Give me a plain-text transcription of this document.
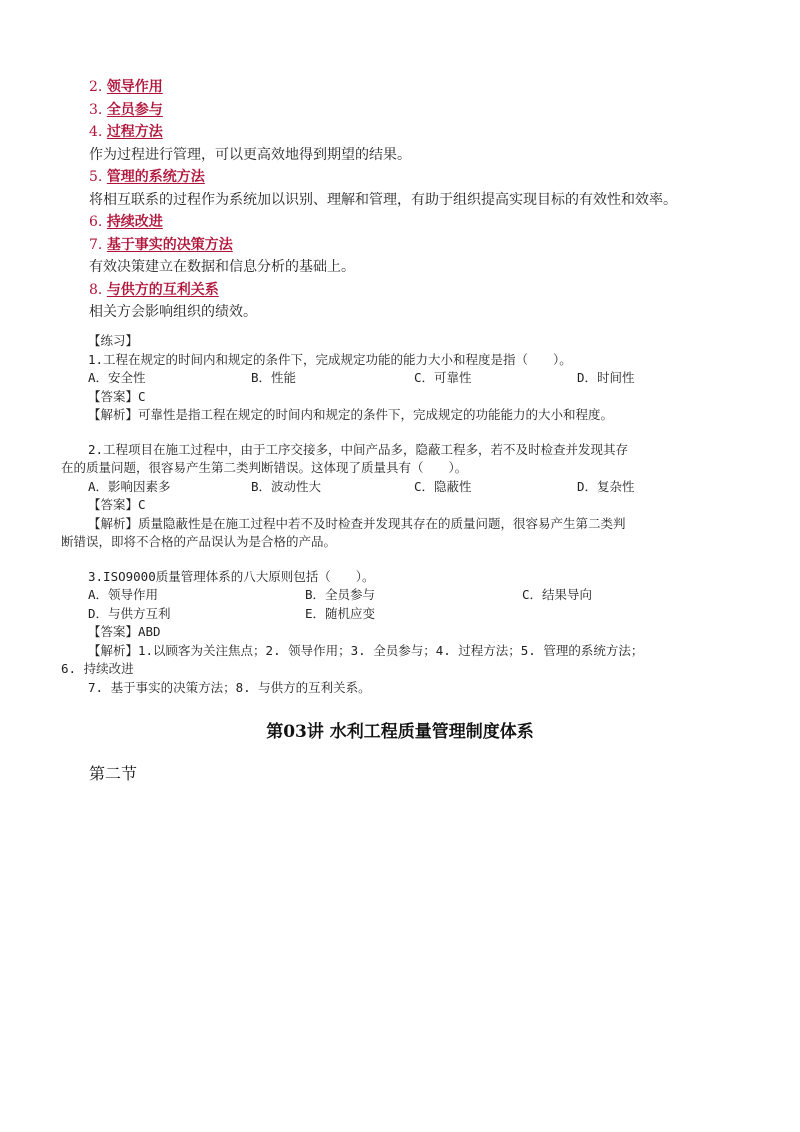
2. 领导作用
3. 全员参与
4. 过程方法
作为过程进行管理，可以更高效地得到期望的结果。
5. 管理的系统方法
将相互联系的过程作为系统加以识别、理解和管理，有助于组织提高实现目标的有效性和效率。
6. 持续改进
7. 基于事实的决策方法
有效决策建立在数据和信息分析的基础上。
8. 与供方的互利关系
相关方会影响组织的绩效。
【练习】
1.工程在规定的时间内和规定的条件下，完成规定功能的能力大小和程度是指（　　）。
A．安全性	B．性能	C．可靠性	D．时间性
【答案】C
【解析】可靠性是指工程在规定的时间内和规定的条件下，完成规定的功能能力的大小和程度。
2.工程项目在施工过程中，由于工序交接多，中间产品多，隐蔽工程多，若不及时检查并发现其存
在的质量问题，很容易产生第二类判断错误。这体现了质量具有（　　）。
A．影响因素多	B．波动性大	C．隐蔽性	D．复杂性
【答案】C
【解析】质量隐蔽性是在施工过程中若不及时检查并发现其存在的质量问题，很容易产生第二类判
断错误，即将不合格的产品误认为是合格的产品。
3.ISO9000质量管理体系的八大原则包括（　　）。
A．领导作用	B．全员参与	C．结果导向
D．与供方互利	E．随机应变
【答案】ABD
【解析】1.以顾客为关注焦点；2. 领导作用；3. 全员参与；4. 过程方法；5. 管理的系统方法；
6. 持续改进
7. 基于事实的决策方法；8. 与供方的互利关系。
第03讲 水利工程质量管理制度体系
第二节
